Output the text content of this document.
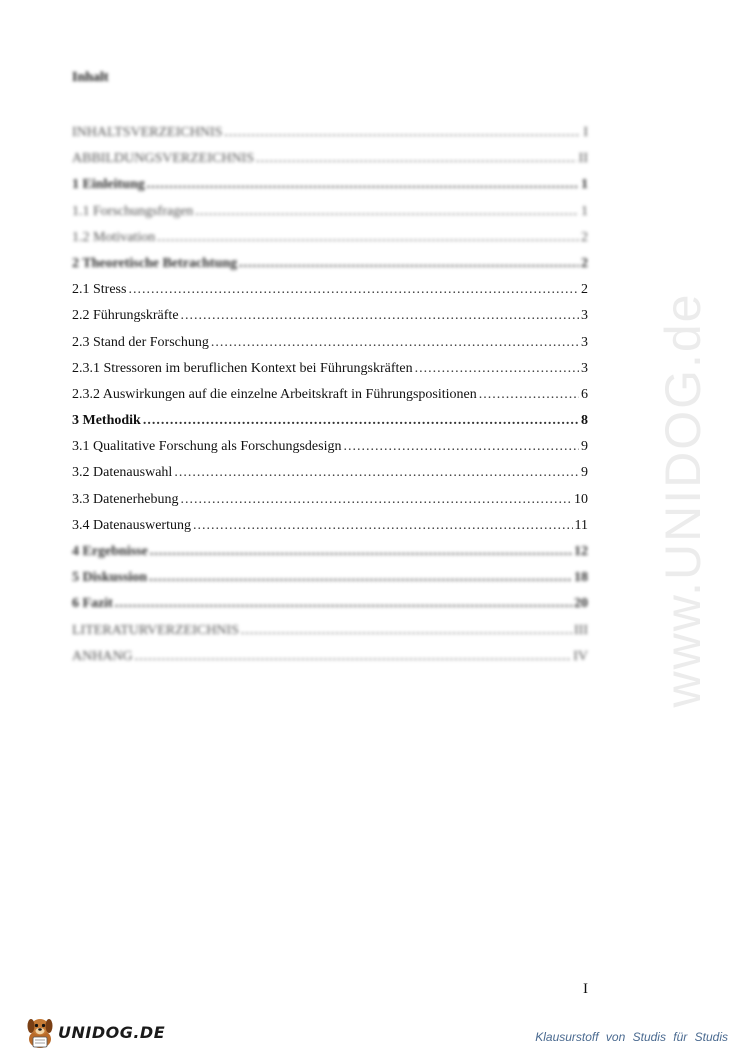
Inhalt
INHALTSVERZEICHNIS .....	I
ABBILDUNGSVERZEICHNIS .....	II
1 Einleitung .....	1
1.1 Forschungsfragen .....	1
1.2 Motivation .....	2
2 Theoretische Betrachtung .....	2
2.1 Stress .....	2
2.2 Führungskräfte .....	3
2.3 Stand der Forschung .....	3
2.3.1 Stressoren im beruflichen Kontext bei Führungskräften .....	3
2.3.2 Auswirkungen auf die einzelne Arbeitskraft in Führungspositionen .....	6
3 Methodik .....	8
3.1 Qualitative Forschung als Forschungsdesign .....	9
3.2 Datenauswahl .....	9
3.3 Datenerhebung .....	10
3.4 Datenauswertung .....	11
4 Ergebnisse .....	12
5 Diskussion .....	18
6 Fazit .....	20
LITERATURVERZEICHNIS .....	III
ANHANG .....	IV www.UNIDOG.de
I
UNIDOG.DE	Klausurstoff von Studis für Studis
